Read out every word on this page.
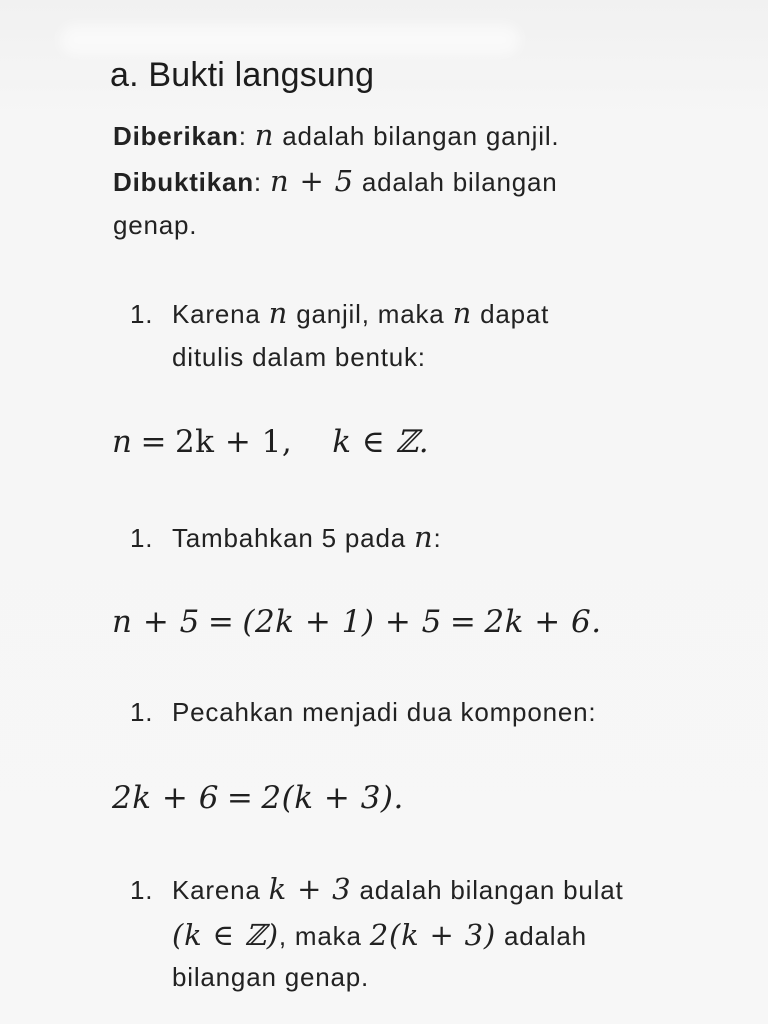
a. Bukti langsung
Diberikan: n adalah bilangan ganjil.
Dibuktikan: n + 5 adalah bilangan
genap.
1. Karena n ganjil, maka n dapat
ditulis dalam bentuk:
n = 2k + 1, k ∈ ℤ.
1. Tambahkan 5 pada n:
n + 5 = (2k + 1) + 5 = 2k + 6.
1. Pecahkan menjadi dua komponen:
2k + 6 = 2(k + 3).
1. Karena k + 3 adalah bilangan bulat
(k ∈ ℤ), maka 2(k + 3) adalah
bilangan genap.
